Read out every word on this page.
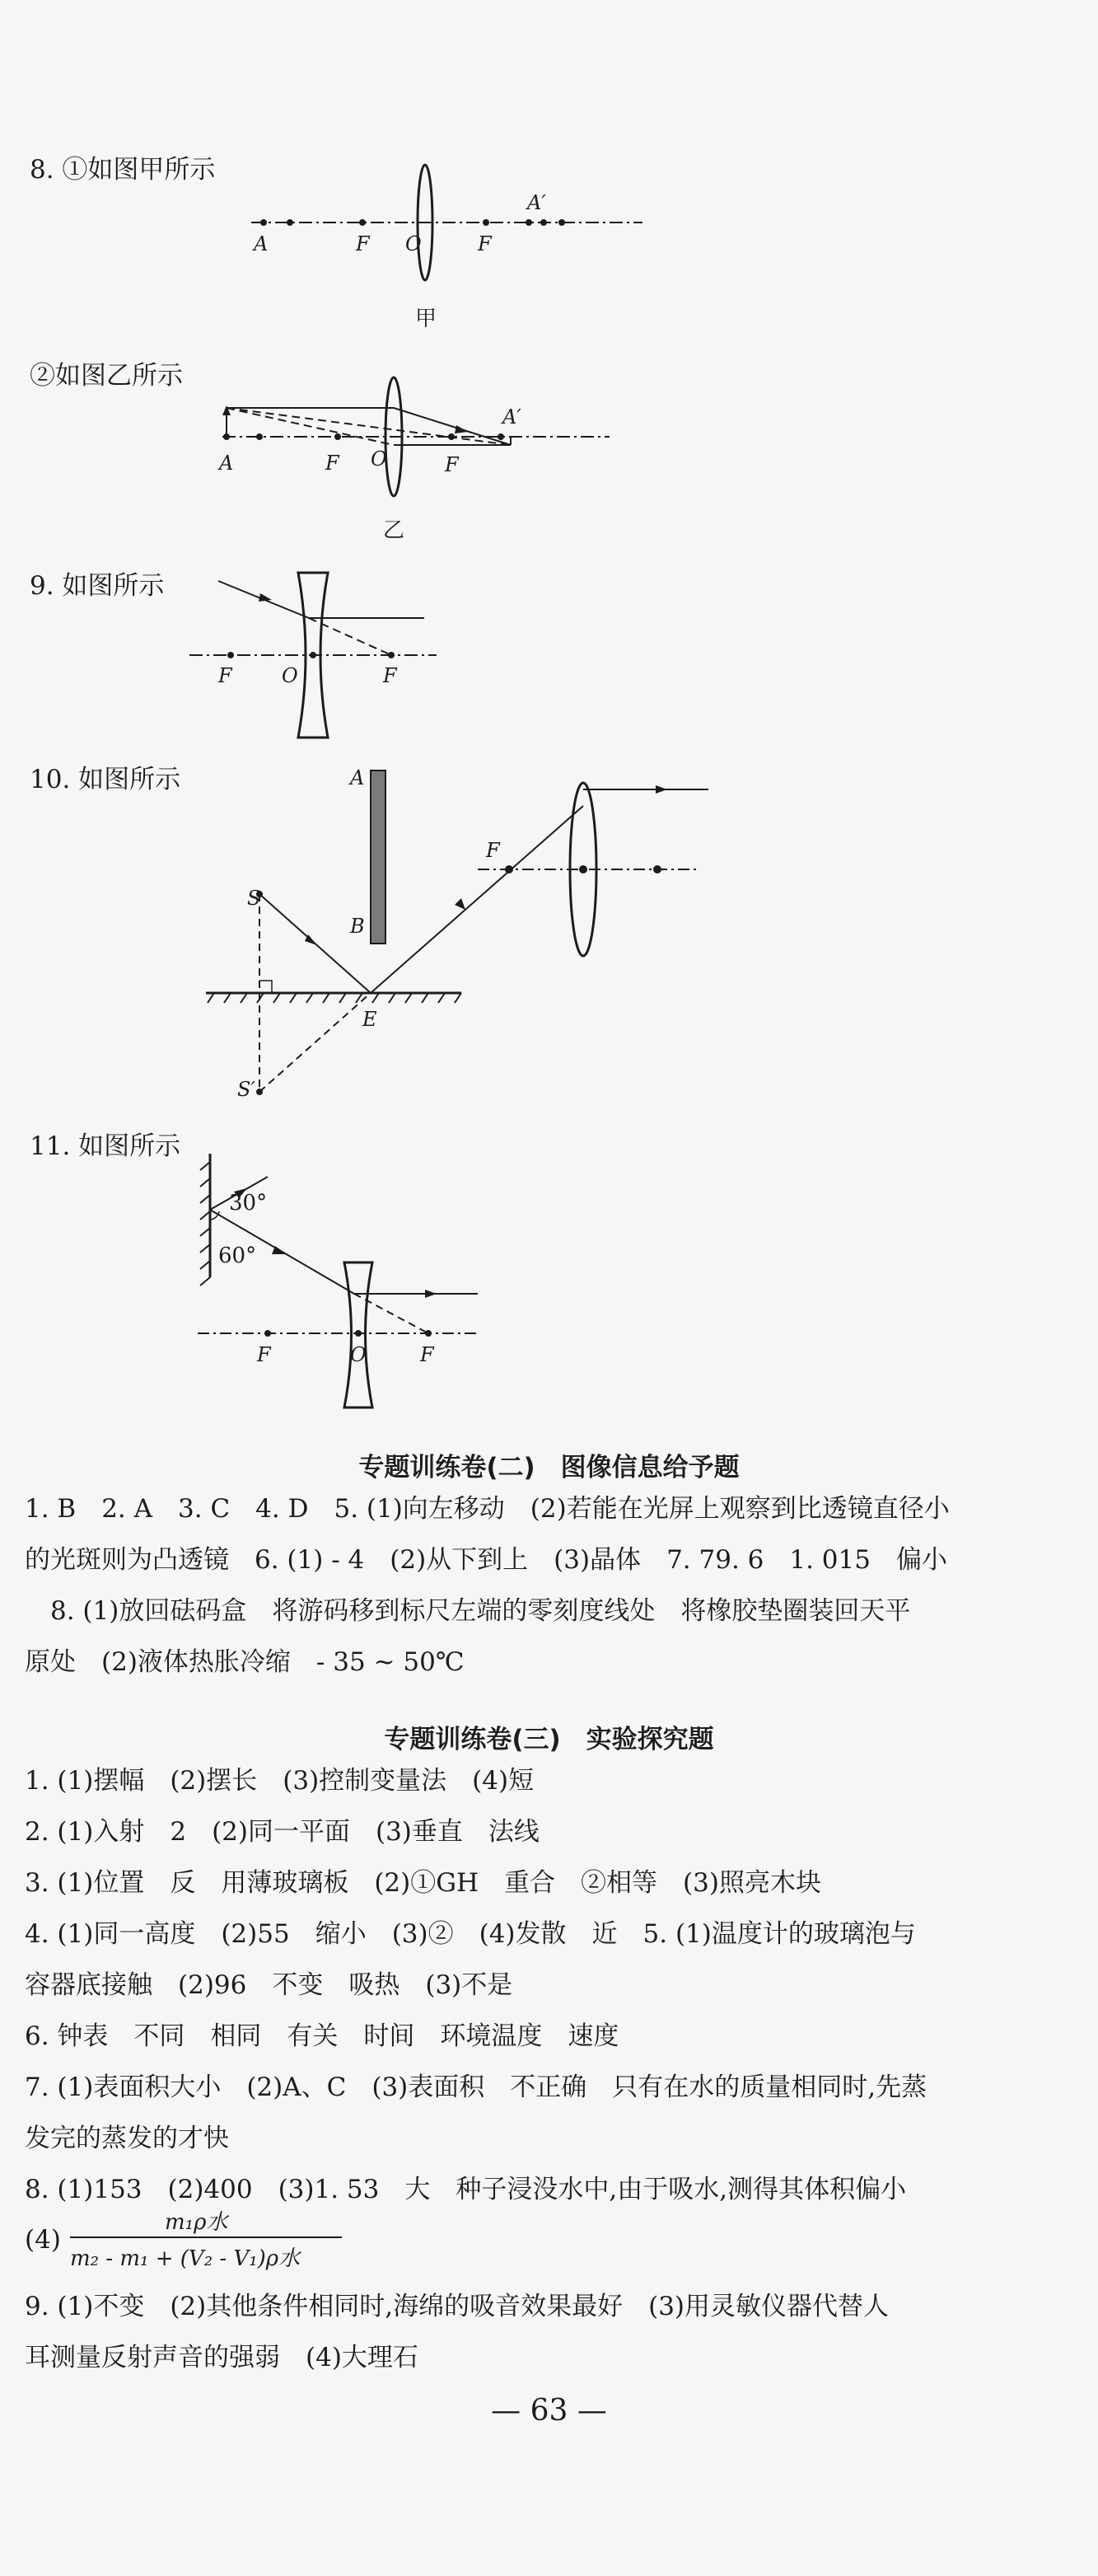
8. ①如图甲所示
A	F O	F
A′
甲
②如图乙所示
A	F O	F
A′
乙
9. 如图所示
F	O	F
10. 如图所示	A
B
S
S′
E
F
11. 如图所示
30°
60°
F	O	F
专题训练卷(二)　图像信息给予题
1. B　2. A　3. C　4. D　5. (1)向左移动　(2)若能在光屏上观察到比透镜直径小
的光斑则为凸透镜　6. (1) - 4　(2)从下到上　(3)晶体　7. 79. 6　1. 015　偏小
　8. (1)放回砝码盒　将游码移到标尺左端的零刻度线处　将橡胶垫圈装回天平
原处　(2)液体热胀冷缩　- 35 ~ 50℃
专题训练卷(三)　实验探究题
1. (1)摆幅　(2)摆长　(3)控制变量法　(4)短
2. (1)入射　2　(2)同一平面　(3)垂直　法线
3. (1)位置　反　用薄玻璃板　(2)①GH　重合　②相等　(3)照亮木块
4. (1)同一高度　(2)55　缩小　(3)②　(4)发散　近　5. (1)温度计的玻璃泡与
容器底接触　(2)96　不变　吸热　(3)不是
6. 钟表　不同　相同　有关　时间　环境温度　速度
7. (1)表面积大小　(2)A、C　(3)表面积　不正确　只有在水的质量相同时,先蒸
发完的蒸发的才快
8. (1)153　(2)400　(3)1. 53　大　种子浸没水中,由于吸水,测得其体积偏小
(4)
m₁ρ水
m₂ - m₁ + (V₂ - V₁)ρ水
9. (1)不变　(2)其他条件相同时,海绵的吸音效果最好　(3)用灵敏仪器代替人
耳测量反射声音的强弱　(4)大理石
— 63 —
